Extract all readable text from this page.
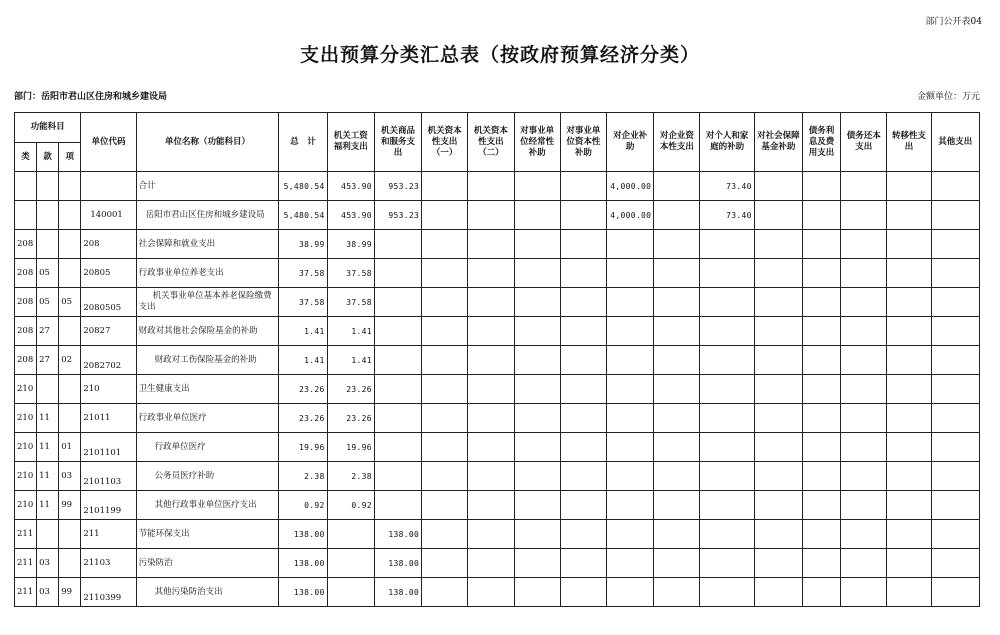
部门公开表04
支出预算分类汇总表（按政府预算经济分类）
部门：岳阳市君山区住房和城乡建设局	金额单位：万元
功能科目			单位代码	单位名称（功能科目）	总　计	机关工资福利支出	机关商品和服务支出	机关资本性支出（一）	机关资本性支出（二）	对事业单位经常性补助	对事业单位资本性补助	对企业补助	对企业资本性支出	对个人和家庭的补助	对社会保障基金补助	债务利息及费用支出	债务还本支出	转移性支出	其他支出
类	款	项																	
				合计	5,480.54	453.90	953.23					4,000.00		73.40					
			140001	岳阳市君山区住房和城乡建设局	5,480.54	453.90	953.23					4,000.00		73.40					
208			208	社会保障和就业支出	38.99	38.99													
208	05		20805	行政事业单位养老支出	37.58	37.58													
208	05	05	2080505	机关事业单位基本养老保险缴费支出	37.58	37.58													
208	27		20827	财政对其他社会保险基金的补助	1.41	1.41													
208	27	02	2082702	财政对工伤保险基金的补助	1.41	1.41													
210			210	卫生健康支出	23.26	23.26													
210	11		21011	行政事业单位医疗	23.26	23.26													
210	11	01	2101101	行政单位医疗	19.96	19.96													
210	11	03	2101103	公务员医疗补助	2.38	2.38													
210	11	99	2101199	其他行政事业单位医疗支出	0.92	0.92													
211			211	节能环保支出	138.00		138.00												
211	03		21103	污染防治	138.00		138.00												
211	03	99	2110399	其他污染防治支出	138.00		138.00												
